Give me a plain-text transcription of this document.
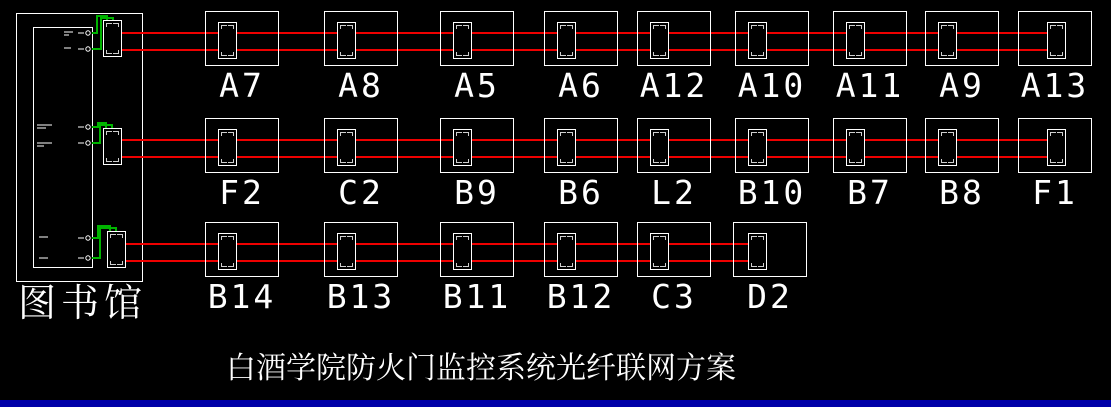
图书馆
A7	A8	A5	A6	A12 A10 A11	A9	A13
F2	C2	B9	B6	L2	B10	B7	B8	F1
B14	B13	B11	B12	C3	D2
白酒学院防火门监控系统光纤联网方案
